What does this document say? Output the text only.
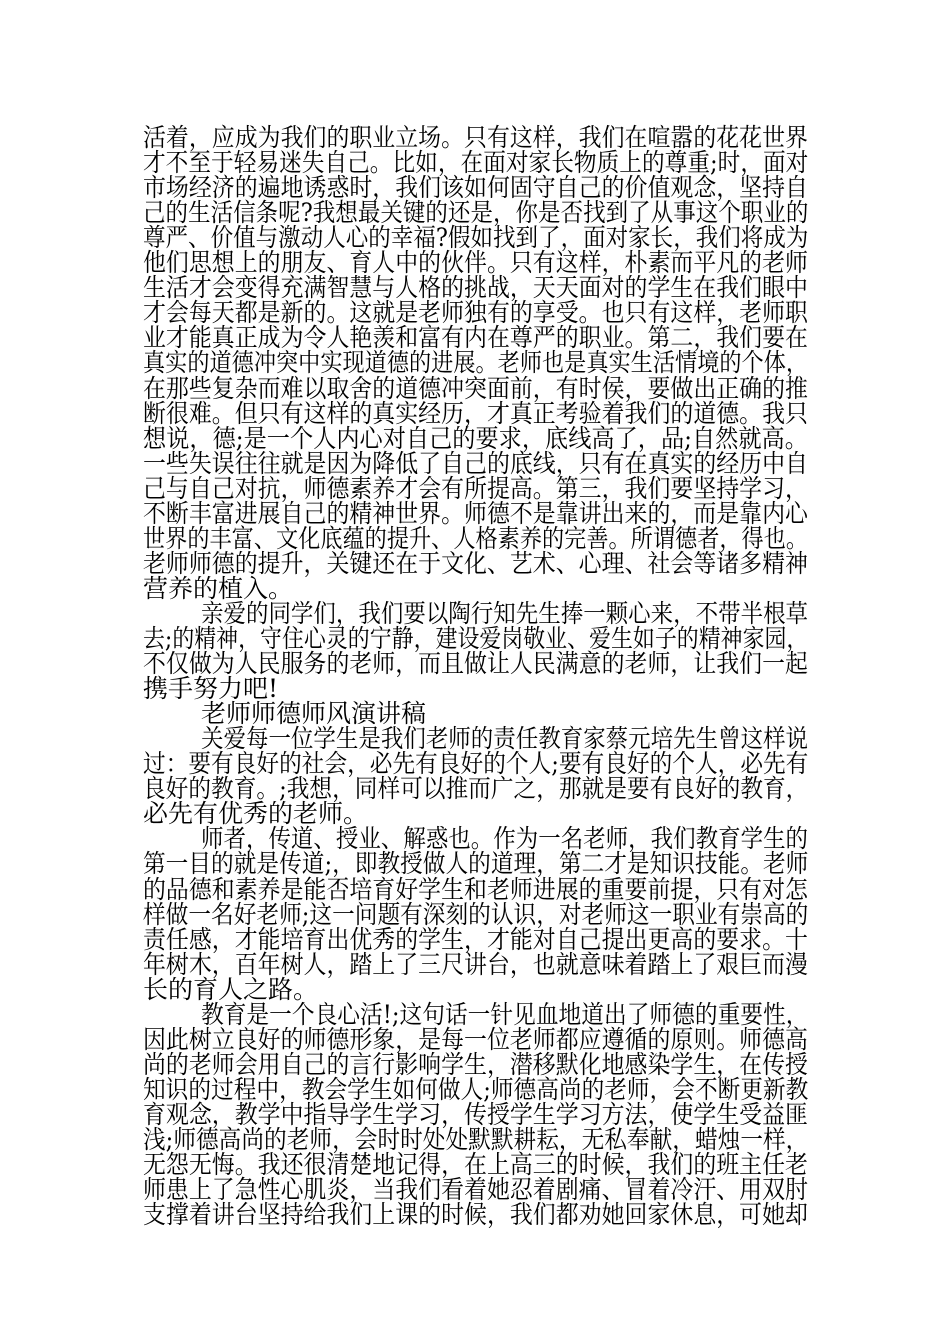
活着，应成为我们的职业立场。只有这样，我们在喧嚣的花花世界
才不至于轻易迷失自己。比如，在面对家长物质上的尊重;时，面对
市场经济的遍地诱惑时，我们该如何固守自己的价值观念，坚持自
己的生活信条呢?我想最关键的还是，你是否找到了从事这个职业的
尊严、价值与激动人心的幸福?假如找到了，面对家长，我们将成为
他们思想上的朋友、育人中的伙伴。只有这样，朴素而平凡的老师
生活才会变得充满智慧与人格的挑战，天天面对的学生在我们眼中
才会每天都是新的。这就是老师独有的享受。也只有这样，老师职
业才能真正成为令人艳羡和富有内在尊严的职业。第二，我们要在
真实的道德冲突中实现道德的进展。老师也是真实生活情境的个体，
在那些复杂而难以取舍的道德冲突面前，有时侯，要做出正确的推
断很难。但只有这样的真实经历，才真正考验着我们的道德。我只
想说，德;是一个人内心对自己的要求，底线高了，品;自然就高。
一些失误往往就是因为降低了自己的底线，只有在真实的经历中自
己与自己对抗，师德素养才会有所提高。第三，我们要坚持学习，
不断丰富进展自己的精神世界。师德不是靠讲出来的，而是靠内心
世界的丰富、文化底蕴的提升、人格素养的完善。所谓德者，得也。
老师师德的提升，关键还在于文化、艺术、心理、社会等诸多精神
营养的植入。
亲爱的同学们，我们要以陶行知先生捧一颗心来，不带半根草
去;的精神，守住心灵的宁静，建设爱岗敬业、爱生如子的精神家园，
不仅做为人民服务的老师，而且做让人民满意的老师，让我们一起
携手努力吧!
老师师德师风演讲稿
关爱每一位学生是我们老师的责任教育家蔡元培先生曾这样说
过：要有良好的社会，必先有良好的个人;要有良好的个人，必先有
良好的教育。;我想，同样可以推而广之，那就是要有良好的教育，
必先有优秀的老师。
师者，传道、授业、解惑也。作为一名老师，我们教育学生的
第一目的就是传道;，即教授做人的道理，第二才是知识技能。老师
的品德和素养是能否培育好学生和老师进展的重要前提，只有对怎
样做一名好老师;这一问题有深刻的认识，对老师这一职业有崇高的
责任感，才能培育出优秀的学生，才能对自己提出更高的要求。十
年树木，百年树人，踏上了三尺讲台，也就意味着踏上了艰巨而漫
长的育人之路。
教育是一个良心活!;这句话一针见血地道出了师德的重要性，
因此树立良好的师德形象，是每一位老师都应遵循的原则。师德高
尚的老师会用自己的言行影响学生，潜移默化地感染学生，在传授
知识的过程中，教会学生如何做人;师德高尚的老师，会不断更新教
育观念，教学中指导学生学习，传授学生学习方法，使学生受益匪
浅;师德高尚的老师，会时时处处默默耕耘，无私奉献，蜡烛一样，
无怨无悔。我还很清楚地记得，在上高三的时候，我们的班主任老
师患上了急性心肌炎，当我们看着她忍着剧痛、冒着冷汗、用双肘
支撑着讲台坚持给我们上课的时候，我们都劝她回家休息，可她却
